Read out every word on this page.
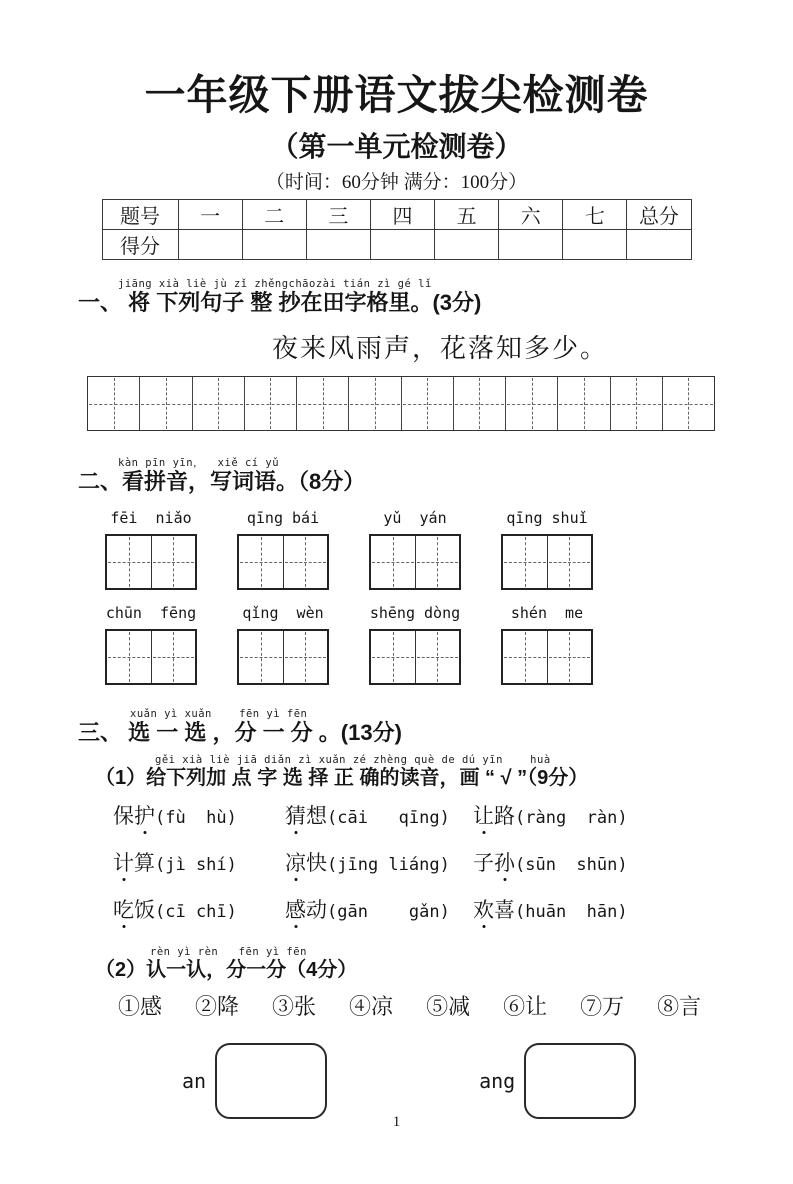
一年级下册语文拔尖检测卷
（第一单元检测卷）
（时间：60分钟 满分：100分）
题号	一	二	三	四	五	六	七	总分
得分								
jiāng xià liè jù zǐ zhěngchāozài tián zì gé lǐ
一、 将 下列句子 整 抄在田字格里。(3分)
夜来风雨声，花落知多少。
kàn pīn yīn，  xiě cí yǔ
二、看拼音，写词语。（8分）
fēi  niǎo	qīng bái	yǔ  yán	qīng shuǐ
chūn  fēng	qǐng  wèn	shēng dòng	shén  me
xuǎn yì xuǎn    fēn yì fēn
三、 选 一 选 ，分 一 分 。(13分)
gěi xià liè jiā diǎn zì xuǎn zé zhèng què de dú yīn    huà
（1）给下列加 点 字 选 择 正 确的读音，画 “ √ ”（9分）
保护(fù  hù)	猜想(cāi   qīng)	让路(ràng  ràn)
计算(jì shí)	凉快(jīng liáng)	子孙(sūn  shūn)
吃饭(cī chī)	感动(gān    gǎn)	欢喜(huān  hān)
rèn yì rèn   fēn yì fēn
（2）认一认，分一分（4分）
①感 ②降 ③张 ④凉 ⑤减 ⑥让 ⑦万 ⑧言
an	ang
1
